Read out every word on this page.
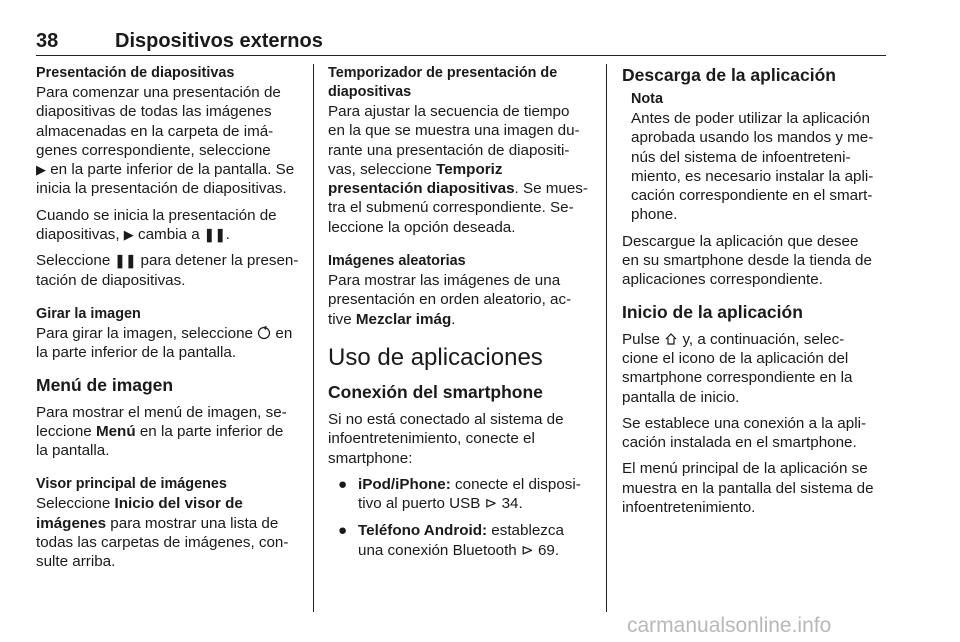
38	Dispositivos externos
Presentación de diapositivas
Para comenzar una presentación de
diapositivas de todas las imágenes
almacenadas en la carpeta de imá-
genes correspondiente, seleccione
▶ en la parte inferior de la pantalla. Se
inicia la presentación de diapositivas.
Cuando se inicia la presentación de
diapositivas, ▶ cambia a ❚❚.
Seleccione ❚❚ para detener la presen-
tación de diapositivas.
Girar la imagen
Para girar la imagen, seleccione  en
la parte inferior de la pantalla.
Menú de imagen
Para mostrar el menú de imagen, se-
leccione Menú en la parte inferior de
la pantalla.
Visor principal de imágenes
Seleccione Inicio del visor de
imágenes para mostrar una lista de
todas las carpetas de imágenes, con-
sulte arriba.
Temporizador de presentación de
diapositivas
Para ajustar la secuencia de tiempo
en la que se muestra una imagen du-
rante una presentación de diapositi-
vas, seleccione Temporiz
presentación diapositivas. Se mues-
tra el submenú correspondiente. Se-
leccione la opción deseada.
Imágenes aleatorias
Para mostrar las imágenes de una
presentación en orden aleatorio, ac-
tive Mezclar imág.
Uso de aplicaciones
Conexión del smartphone
Si no está conectado al sistema de
infoentretenimiento, conecte el
smartphone:
● iPod/iPhone: conecte el disposi-
tivo al puerto USB ⊳ 34.
● Teléfono Android: establezca
una conexión Bluetooth ⊳ 69.
Descarga de la aplicación
Nota
Antes de poder utilizar la aplicación
aprobada usando los mandos y me-
nús del sistema de infoentreteni-
miento, es necesario instalar la apli-
cación correspondiente en el smart-
phone.
Descargue la aplicación que desee
en su smartphone desde la tienda de
aplicaciones correspondiente.
Inicio de la aplicación
Pulse  y, a continuación, selec-
cione el icono de la aplicación del
smartphone correspondiente en la
pantalla de inicio.
Se establece una conexión a la apli-
cación instalada en el smartphone.
El menú principal de la aplicación se
muestra en la pantalla del sistema de
infoentretenimiento.
carmanualsonline.info
